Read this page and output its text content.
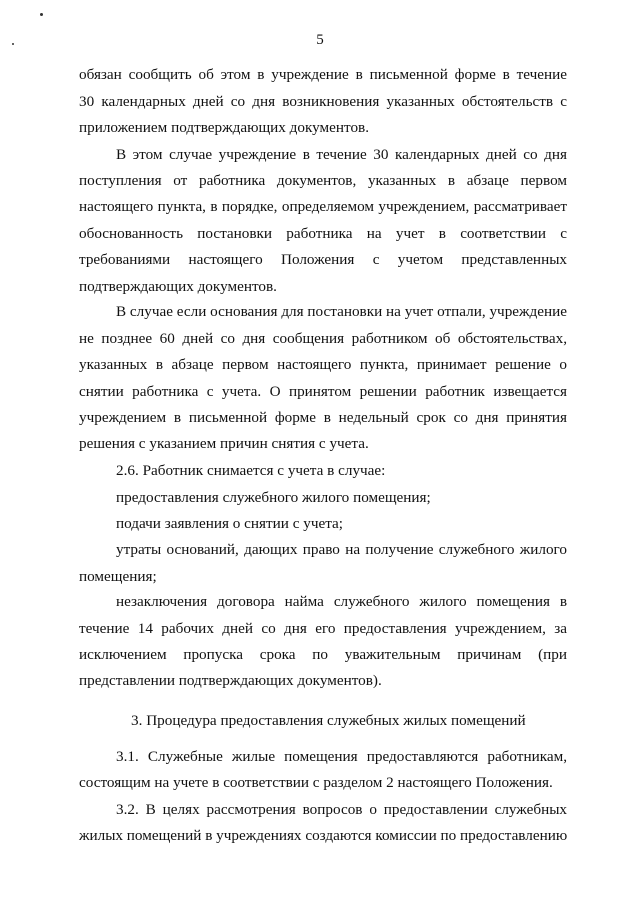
5
обязан сообщить об этом в учреждение в письменной форме в течение
30 календарных дней со дня возникновения указанных обстоятельств с
приложением подтверждающих документов.
В этом случае учреждение в течение 30 календарных дней со дня
поступления от работника документов, указанных в абзаце первом
настоящего пункта, в порядке, определяемом учреждением, рассматривает
обоснованность постановки работника на учет в соответствии с
требованиями настоящего Положения с учетом представленных
подтверждающих документов.
В случае если основания для постановки на учет отпали, учреждение
не позднее 60 дней со дня сообщения работником об обстоятельствах,
указанных в абзаце первом настоящего пункта, принимает решение о
снятии работника с учета. О принятом решении работник извещается
учреждением в письменной форме в недельный срок со дня принятия
решения с указанием причин снятия с учета.
2.6. Работник снимается с учета в случае:
предоставления служебного жилого помещения;
подачи заявления о снятии с учета;
утраты оснований, дающих право на получение служебного жилого
помещения;
незаключения договора найма служебного жилого помещения в
течение 14 рабочих дней со дня его предоставления учреждением, за
исключением пропуска срока по уважительным причинам (при
представлении подтверждающих документов).
3. Процедура предоставления служебных жилых помещений
3.1. Служебные жилые помещения предоставляются работникам,
состоящим на учете в соответствии с разделом 2 настоящего Положения.
3.2. В целях рассмотрения вопросов о предоставлении служебных
жилых помещений в учреждениях создаются комиссии по предоставлению
